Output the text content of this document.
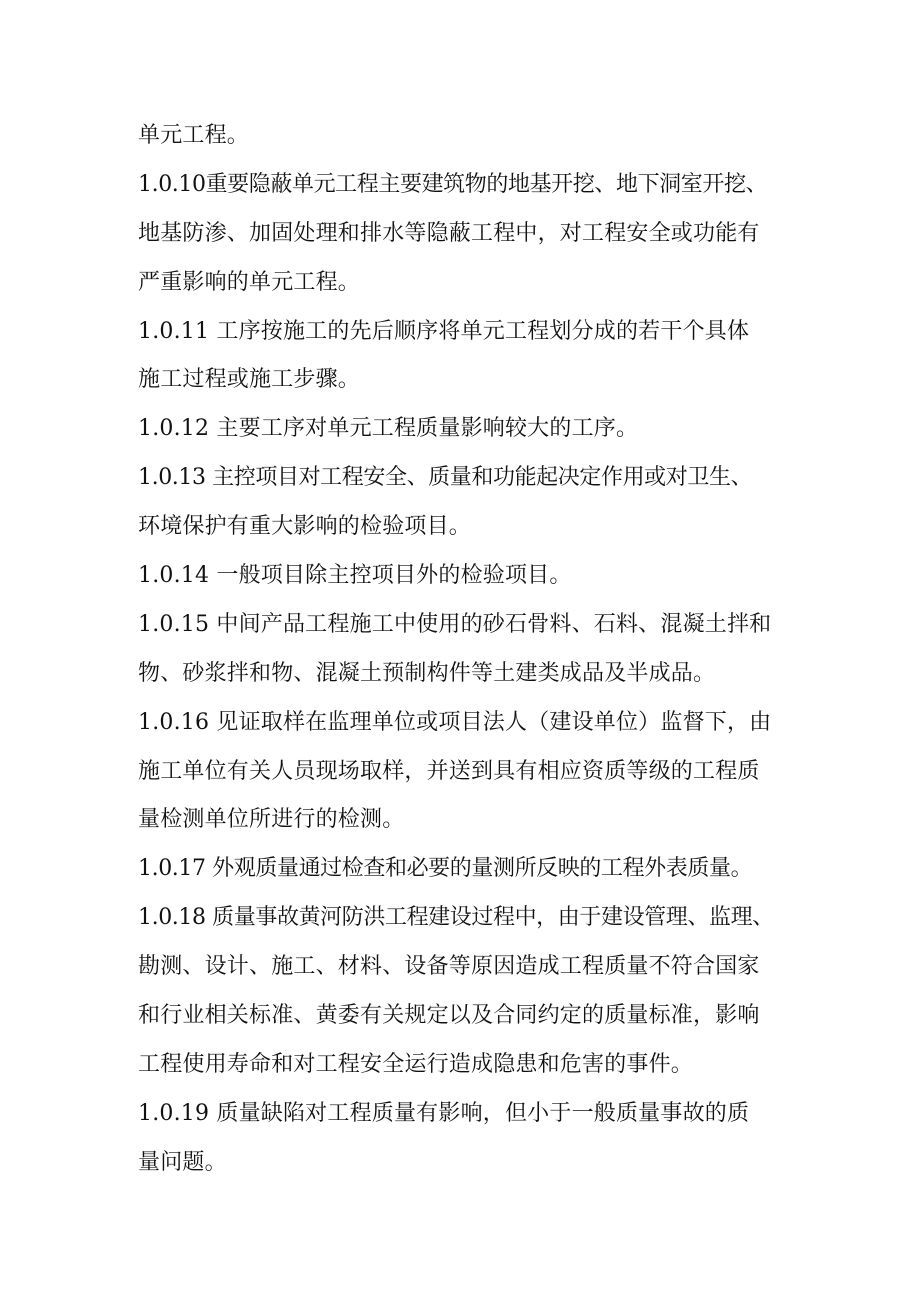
单元工程。
1.0.10重要隐蔽单元工程主要建筑物的地基开挖、地下洞室开挖、
地基防渗、加固处理和排水等隐蔽工程中，对工程安全或功能有
严重影响的单元工程。
1.0.11 工序按施工的先后顺序将单元工程划分成的若干个具体
施工过程或施工步骤。
1.0.12 主要工序对单元工程质量影响较大的工序。
1.0.13 主控项目对工程安全、质量和功能起决定作用或对卫生、
环境保护有重大影响的检验项目。
1.0.14 一般项目除主控项目外的检验项目。
1.0.15 中间产品工程施工中使用的砂石骨料、石料、混凝土拌和
物、砂浆拌和物、混凝土预制构件等土建类成品及半成品。
1.0.16 见证取样在监理单位或项目法人（建设单位）监督下，由
施工单位有关人员现场取样，并送到具有相应资质等级的工程质
量检测单位所进行的检测。
1.0.17 外观质量通过检查和必要的量测所反映的工程外表质量。
1.0.18 质量事故黄河防洪工程建设过程中，由于建设管理、监理、
勘测、设计、施工、材料、设备等原因造成工程质量不符合国家
和行业相关标准、黄委有关规定以及合同约定的质量标准，影响
工程使用寿命和对工程安全运行造成隐患和危害的事件。
1.0.19 质量缺陷对工程质量有影响，但小于一般质量事故的质
量问题。
